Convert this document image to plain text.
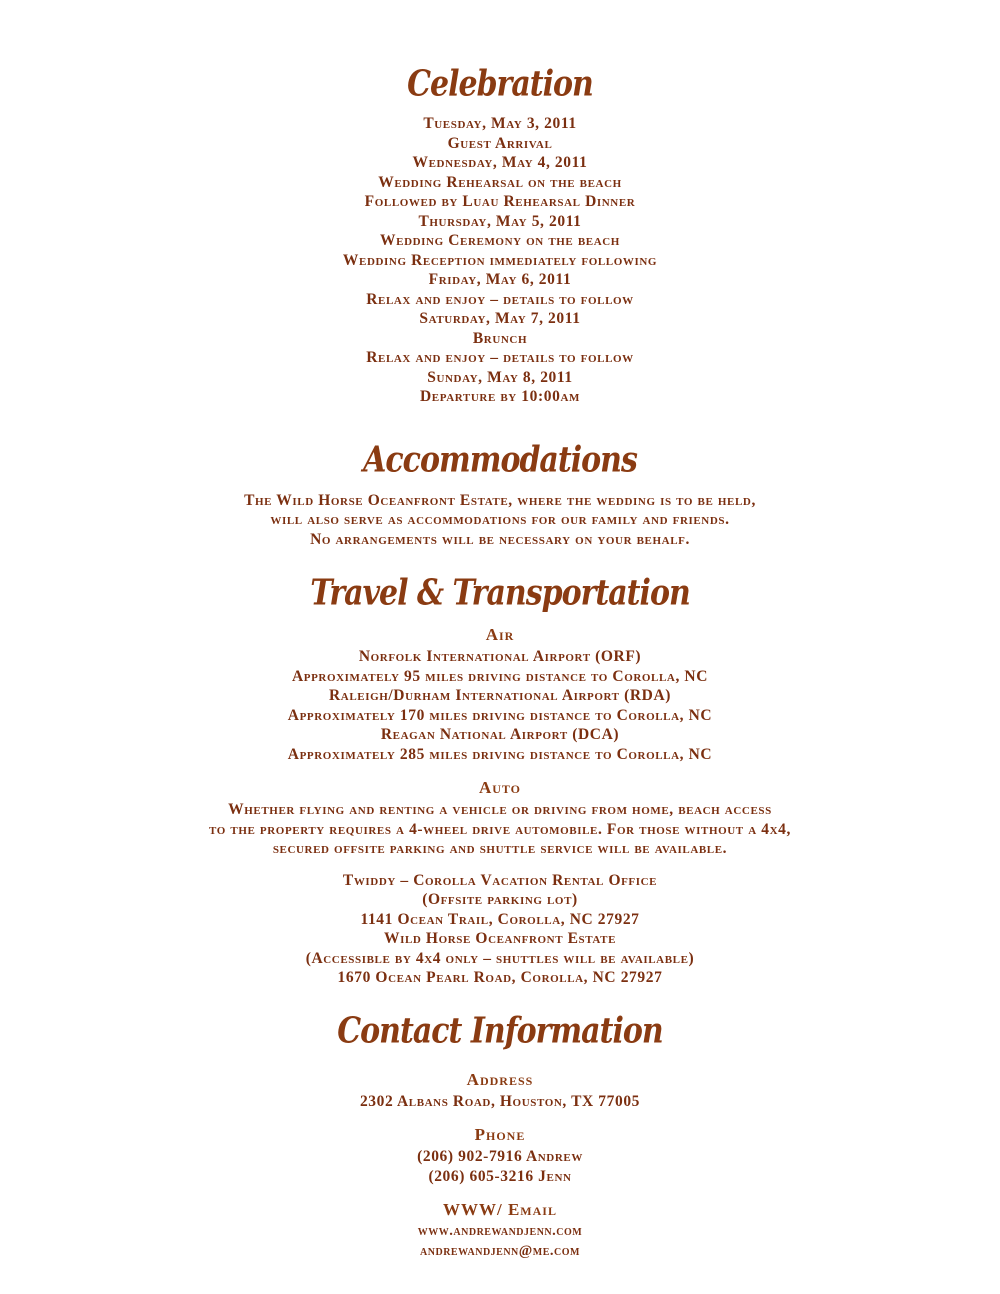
Celebration

Tuesday, May 3, 2011

Guest Arrival

Wednesday, May 4, 2011

Wedding Rehearsal on the beach

Followed by Luau Rehearsal Dinner

Thursday, May 5, 2011

Wedding Ceremony on the beach

Wedding Reception immediately following

Friday, May 6, 2011

Relax and enjoy – details to follow

Saturday, May 7, 2011

Brunch

Relax and enjoy – details to follow

Sunday, May 8, 2011

Departure by 10:00am

Accommodations

The Wild Horse Oceanfront Estate, where the wedding is to be held,

will also serve as accommodations for our family and friends.

No arrangements will be necessary on your behalf.

Travel & Transportation

Air

Norfolk International Airport (ORF)

Approximately 95 miles driving distance to Corolla, NC

Raleigh/Durham International Airport (RDA)

Approximately 170 miles driving distance to Corolla, NC

Reagan National Airport (DCA)

Approximately 285 miles driving distance to Corolla, NC

Auto

Whether flying and renting a vehicle or driving from home, beach access

to the property requires a 4-wheel drive automobile. For those without a 4x4,

secured offsite parking and shuttle service will be available.

Twiddy – Corolla Vacation Rental Office

(Offsite parking lot)

1141 Ocean Trail, Corolla, NC 27927

Wild Horse Oceanfront Estate

(Accessible by 4x4 only – shuttles will be available)

1670 Ocean Pearl Road, Corolla, NC 27927

Contact Information

Address

2302 Albans Road, Houston, TX 77005

Phone

(206) 902-7916 Andrew

(206) 605-3216 Jenn

WWW/ Email

www.andrewandjenn.com

andrewandjenn@me.com
